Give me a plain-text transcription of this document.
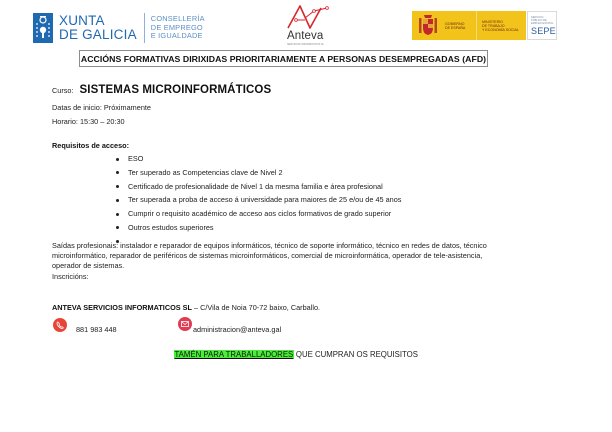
XUNTA
DE GALICIA
CONSELLERÍA
DE EMPREGO
E IGUALDADE	Anteva
SERVICIOS INFORMATICOS SL
GOBIERNO
DE ESPAÑA
MINISTERIO
DE TRABAJO
Y ECONOMÍA SOCIAL
SERVICIO PÚBLICO DE EMPLEO ESTATAL
SEPE
ACCIÓNS FORMATIVAS DIRIXIDAS PRIORITARIAMENTE A PERSONAS DESEMPREGADAS (AFD)
Curso: SISTEMAS MICROINFORMÁTICOS
Datas de inicio: Próximamente
Horario: 15:30 – 20:30
Requisitos de acceso:
ESO
Ter superado as Competencias clave de Nivel 2
Certificado de profesionalidade de Nivel 1 da mesma familia e área profesional
Ter superada a proba de acceso á universidade para maiores de 25 e/ou de 45 anos
Cumprir o requisito académico de acceso aos ciclos formativos de grado superior
Outros estudos superiores
Saídas profesionais: instalador e reparador de equipos informáticos, técnico de soporte informático, técnico en redes de datos, técnico
microinformático, reparador de periféricos de sistemas microinformáticos, comercial de microinformática, operador de tele-asistencia,
operador de sistemas.
Inscricións:
ANTEVA SERVICIOS INFORMATICOS SL – C/Vila de Noia 70-72 baixo, Carballo.
881 983 448	administracion@anteva.gal
TAMÉN PARA TRABALLADORES QUE CUMPRAN OS REQUISITOS
